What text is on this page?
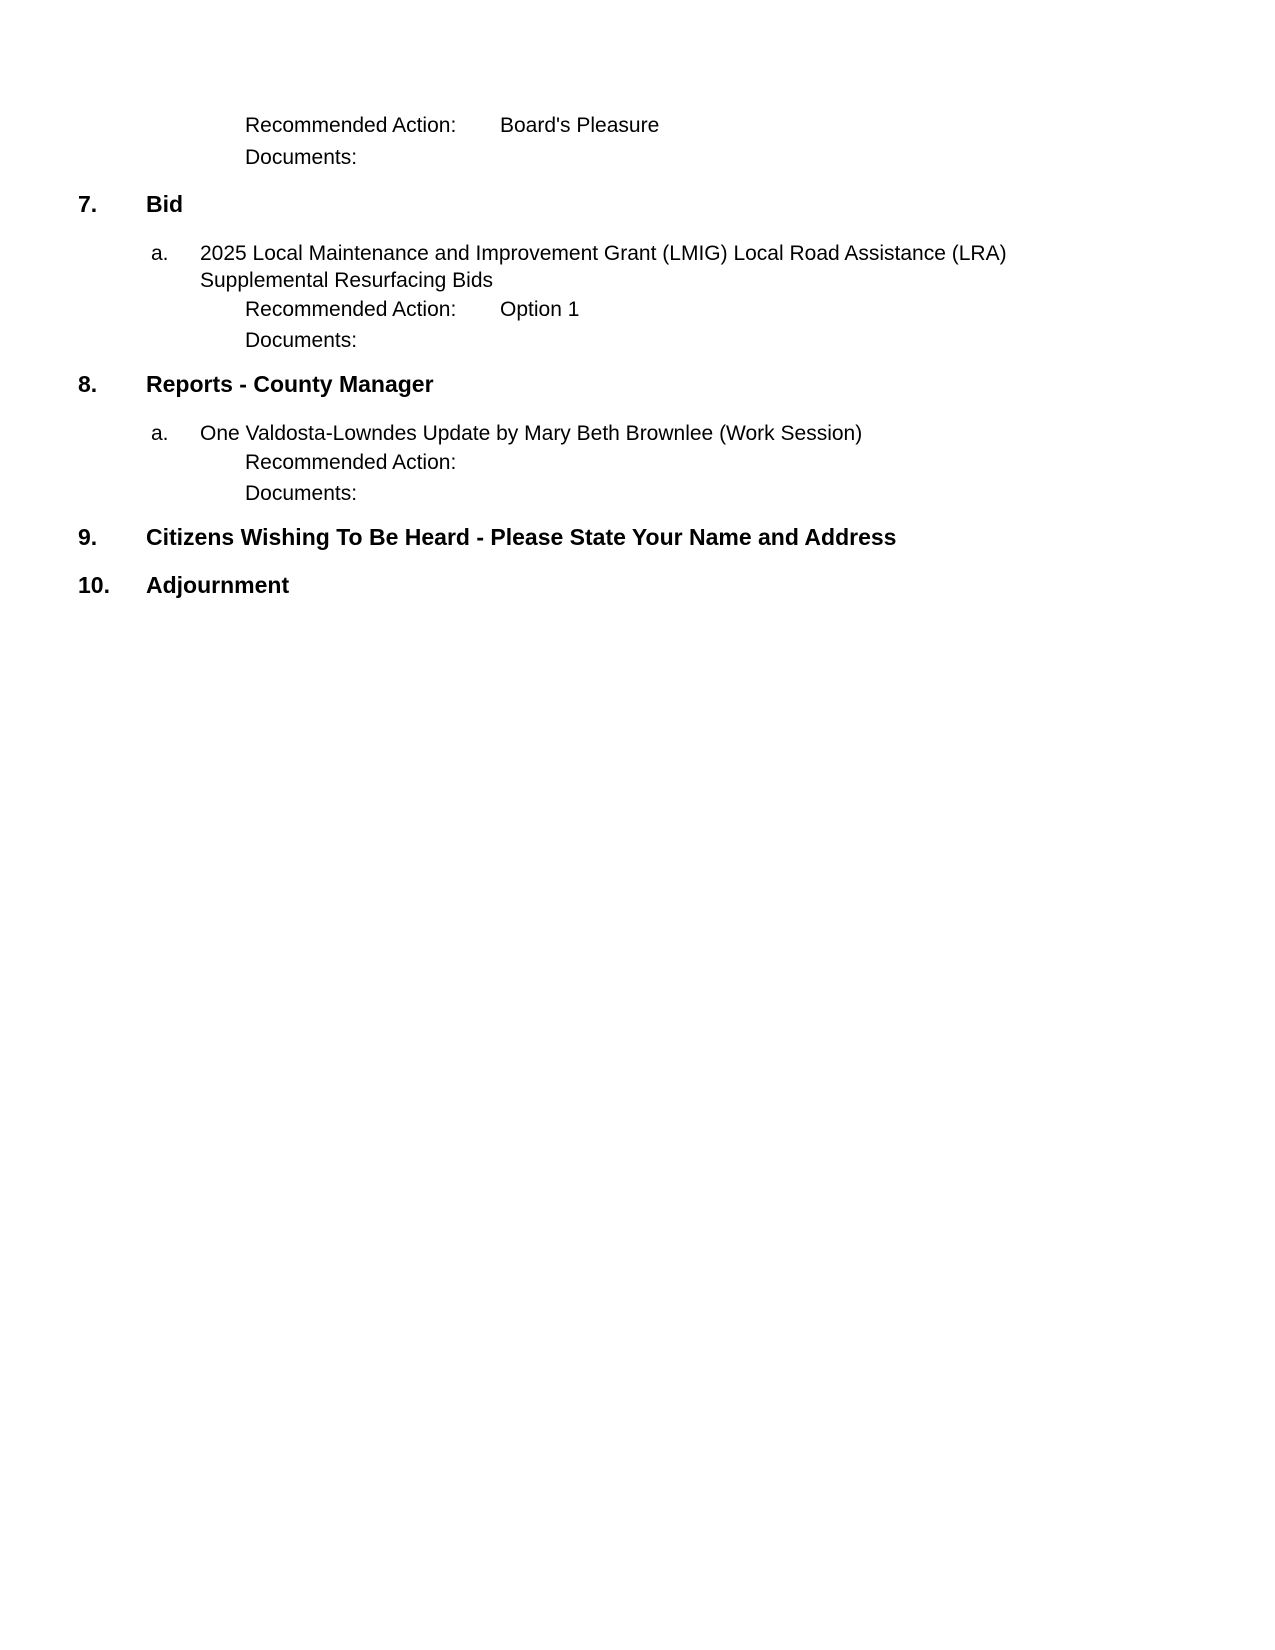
Recommended Action: Board's Pleasure
Documents:
7. Bid
a. 2025 Local Maintenance and Improvement Grant (LMIG) Local Road Assistance (LRA) Supplemental Resurfacing Bids
Recommended Action: Option 1
Documents:
8. Reports - County Manager
a. One Valdosta-Lowndes Update by Mary Beth Brownlee (Work Session)
Recommended Action:
Documents:
9. Citizens Wishing To Be Heard - Please State Your Name and Address
10. Adjournment
